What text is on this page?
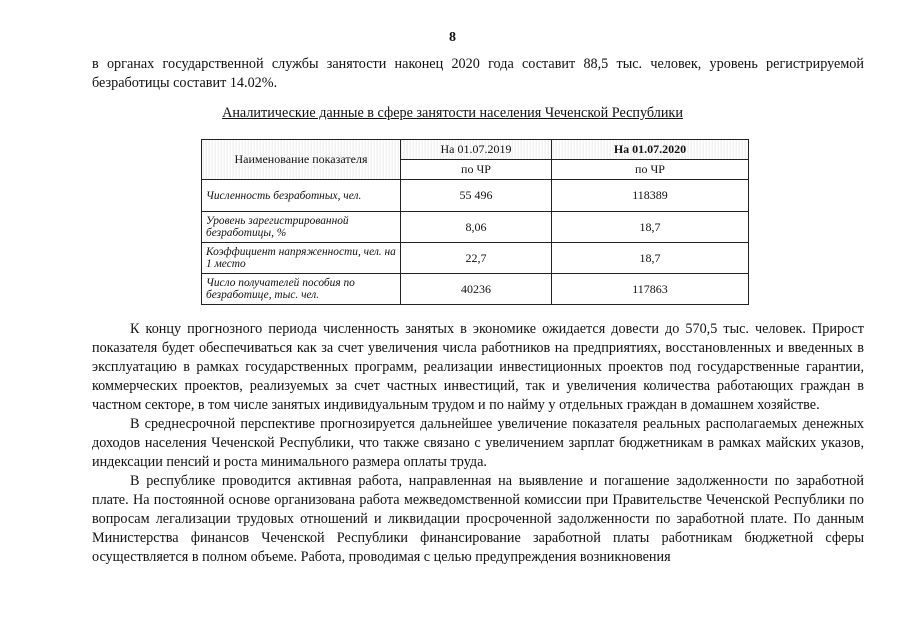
8

в органах государственной службы занятости наконец 2020 года составит 88,5 тыс. человек, уровень регистрируемой безработицы составит 14.02%.

Аналитические данные в сфере занятости населения Чеченской Республики
Наименование показателя	На 01.07.2019	На 01.07.2020
	по ЧР	по ЧР
Численность безработных, чел.	55 496	118389
Уровень зарегистрированной безработицы, %	8,06	18,7
Коэффициент напряженности, чел. на 1 место	22,7	18,7
Число получателей пособия по безработице, тыс. чел.	40236	117863

К концу прогнозного периода численность занятых в экономике ожидается довести до 570,5 тыс. человек. Прирост показателя будет обеспечиваться как за счет увеличения числа работников на предприятиях, восстановленных и введенных в эксплуатацию в рамках государственных программ, реализации инвестиционных проектов под государственные гарантии, коммерческих проектов, реализуемых за счет частных инвестиций, так и увеличения количества работающих граждан в частном секторе, в том числе занятых индивидуальным трудом и по найму у отдельных граждан в домашнем хозяйстве.

В среднесрочной перспективе прогнозируется дальнейшее увеличение показателя реальных располагаемых денежных доходов населения Чеченской Республики, что также связано с увеличением зарплат бюджетникам в рамках майских указов, индексации пенсий и роста минимального размера оплаты труда.

В республике проводится активная работа, направленная на выявление и погашение задолженности по заработной плате. На постоянной основе организована работа межведомственной комиссии при Правительстве Чеченской Республики по вопросам легализации трудовых отношений и ликвидации просроченной задолженности по заработной плате. По данным Министерства финансов Чеченской Республики финансирование заработной платы работникам бюджетной сферы осуществляется в полном объеме. Работа, проводимая с целью предупреждения возникновения
